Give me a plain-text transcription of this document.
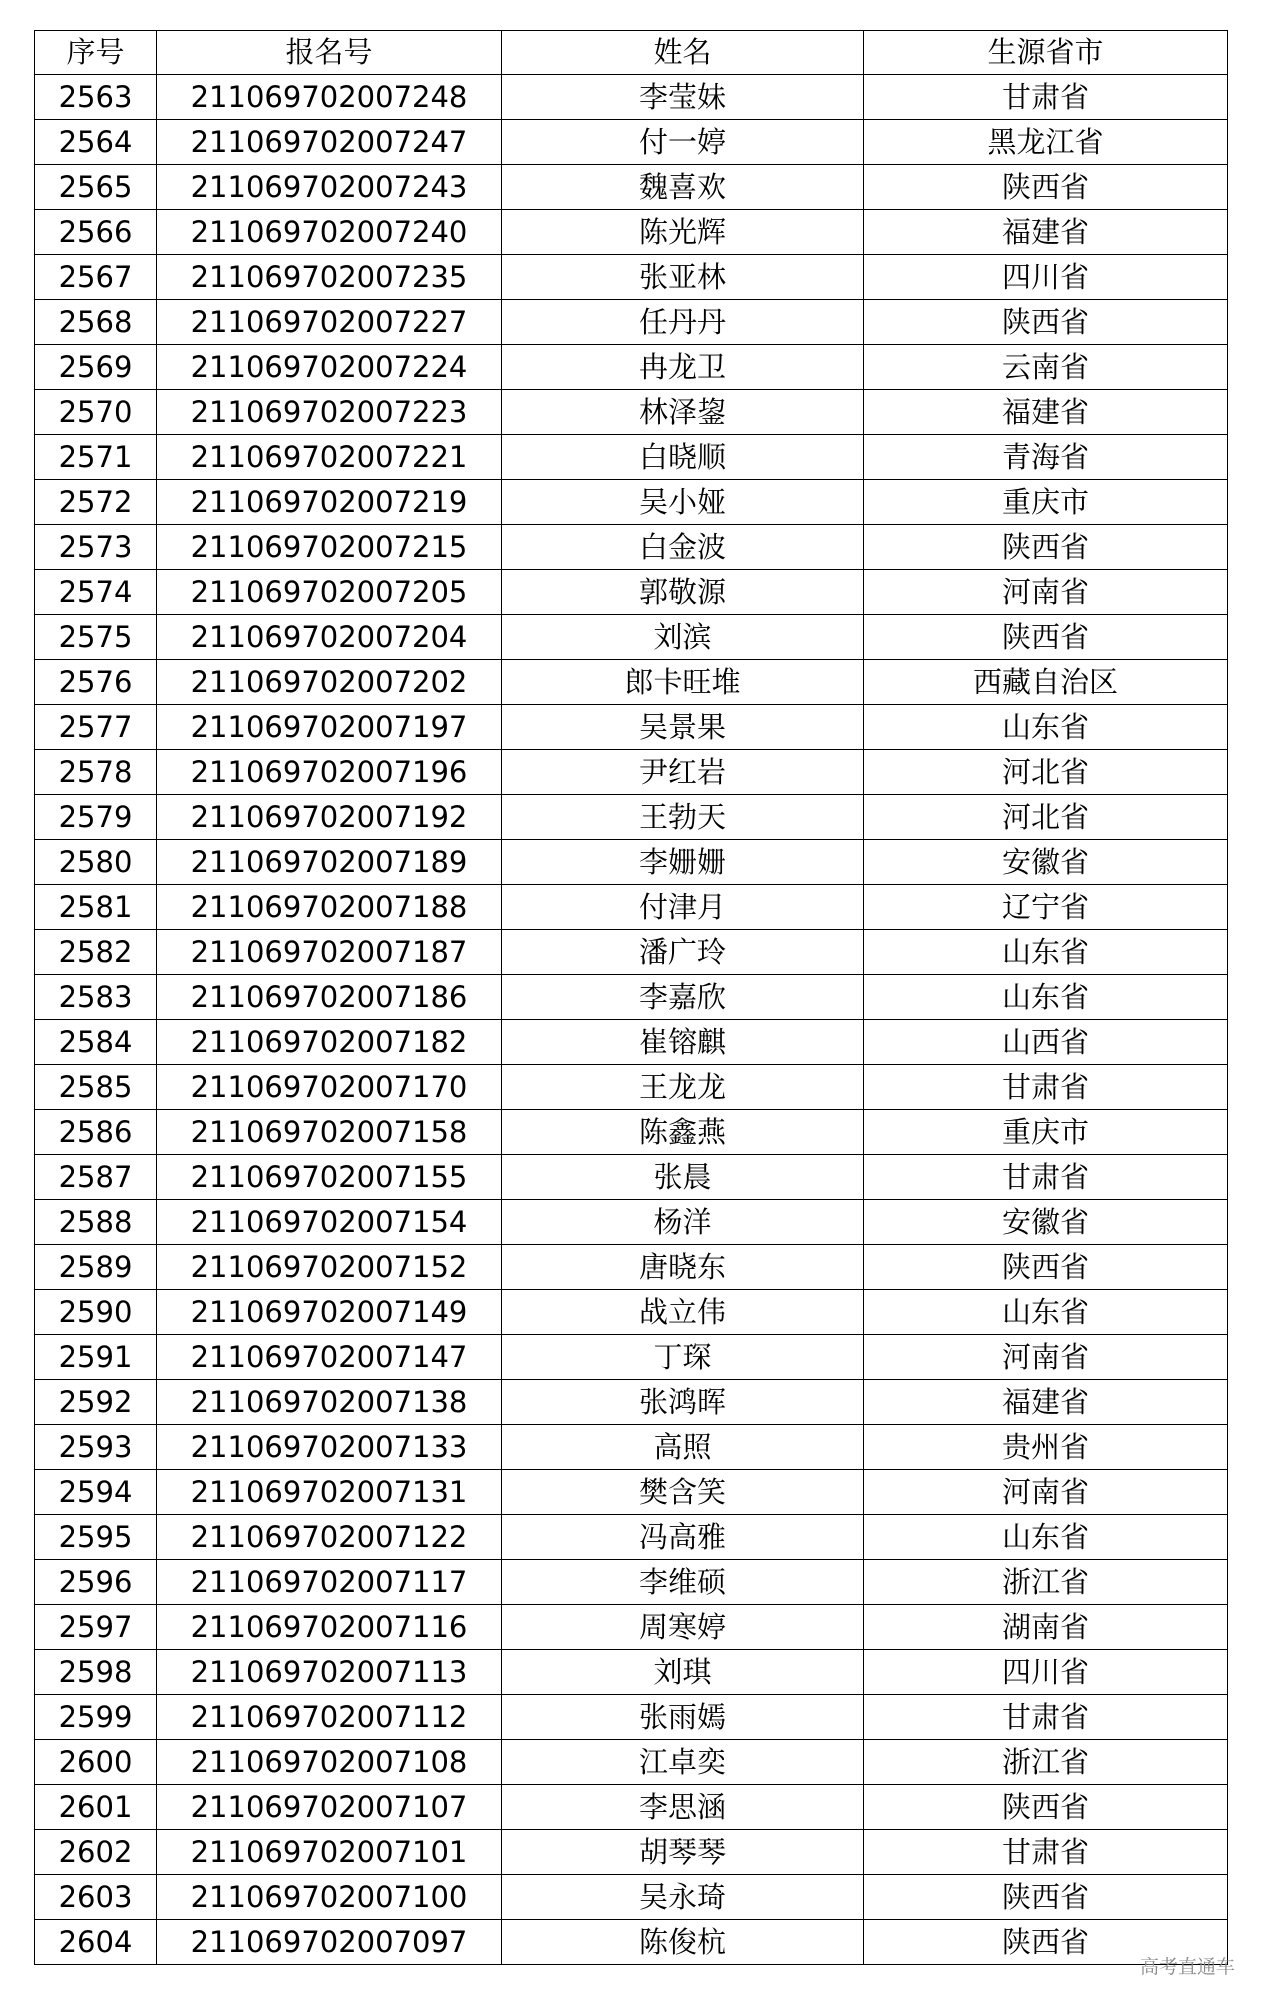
序号	报名号	姓名	生源省市
2563	211069702007248	李莹妹	甘肃省
2564	211069702007247	付一婷	黑龙江省
2565	211069702007243	魏喜欢	陕西省
2566	211069702007240	陈光辉	福建省
2567	211069702007235	张亚林	四川省
2568	211069702007227	任丹丹	陕西省
2569	211069702007224	冉龙卫	云南省
2570	211069702007223	林泽鋆	福建省
2571	211069702007221	白晓顺	青海省
2572	211069702007219	吴小娅	重庆市
2573	211069702007215	白金波	陕西省
2574	211069702007205	郭敬源	河南省
2575	211069702007204	刘滨	陕西省
2576	211069702007202	郎卡旺堆	西藏自治区
2577	211069702007197	吴景果	山东省
2578	211069702007196	尹红岩	河北省
2579	211069702007192	王勃天	河北省
2580	211069702007189	李姗姗	安徽省
2581	211069702007188	付津月	辽宁省
2582	211069702007187	潘广玲	山东省
2583	211069702007186	李嘉欣	山东省
2584	211069702007182	崔镕麒	山西省
2585	211069702007170	王龙龙	甘肃省
2586	211069702007158	陈鑫燕	重庆市
2587	211069702007155	张晨	甘肃省
2588	211069702007154	杨洋	安徽省
2589	211069702007152	唐晓东	陕西省
2590	211069702007149	战立伟	山东省
2591	211069702007147	丁琛	河南省
2592	211069702007138	张鸿晖	福建省
2593	211069702007133	高照	贵州省
2594	211069702007131	樊含笑	河南省
2595	211069702007122	冯高雅	山东省
2596	211069702007117	李维硕	浙江省
2597	211069702007116	周寒婷	湖南省
2598	211069702007113	刘琪	四川省
2599	211069702007112	张雨嫣	甘肃省
2600	211069702007108	江卓奕	浙江省
2601	211069702007107	李思涵	陕西省
2602	211069702007101	胡琴琴	甘肃省
2603	211069702007100	吴永琦	陕西省
2604	211069702007097	陈俊杭	陕西省
高考直通车
